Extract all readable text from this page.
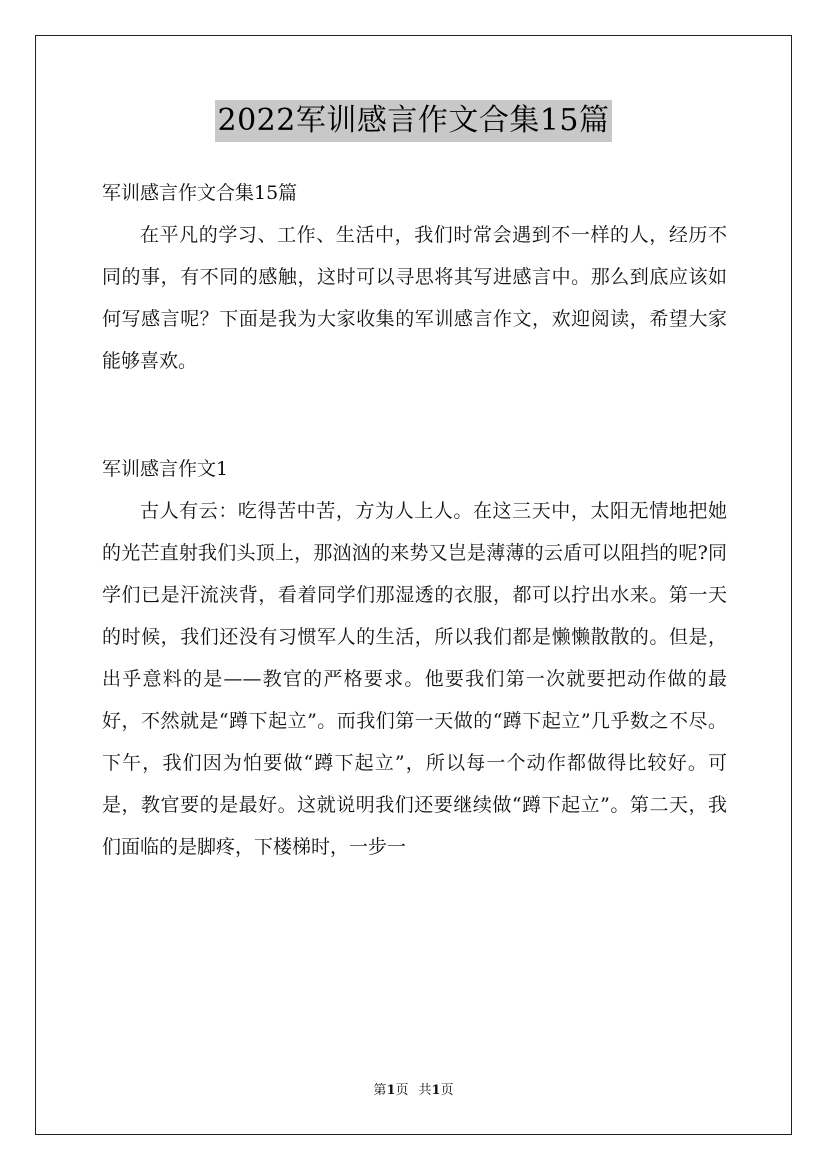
2022军训感言作文合集15篇

军训感言作文合集15篇

在平凡的学习、工作、生活中，我们时常会遇到不一样的人，经历不同的事，有不同的感触，这时可以寻思将其写进感言中。那么到底应该如何写感言呢？下面是我为大家收集的军训感言作文，欢迎阅读，希望大家能够喜欢。

军训感言作文1

古人有云：吃得苦中苦，方为人上人。在这三天中，太阳无情地把她的光芒直射我们头顶上，那汹汹的来势又岂是薄薄的云盾可以阻挡的呢?同学们已是汗流浃背，看着同学们那湿透的衣服，都可以拧出水来。第一天的时候，我们还没有习惯军人的生活，所以我们都是懒懒散散的。但是，出乎意料的是——教官的严格要求。他要我们第一次就要把动作做的最好，不然就是“蹲下起立”。而我们第一天做的“蹲下起立”几乎数之不尽。下午，我们因为怕要做“蹲下起立”，所以每一个动作都做得比较好。可是，教官要的是最好。这就说明我们还要继续做“蹲下起立”。第二天，我们面临的是脚疼，下楼梯时，一步一

第1页 共1页
